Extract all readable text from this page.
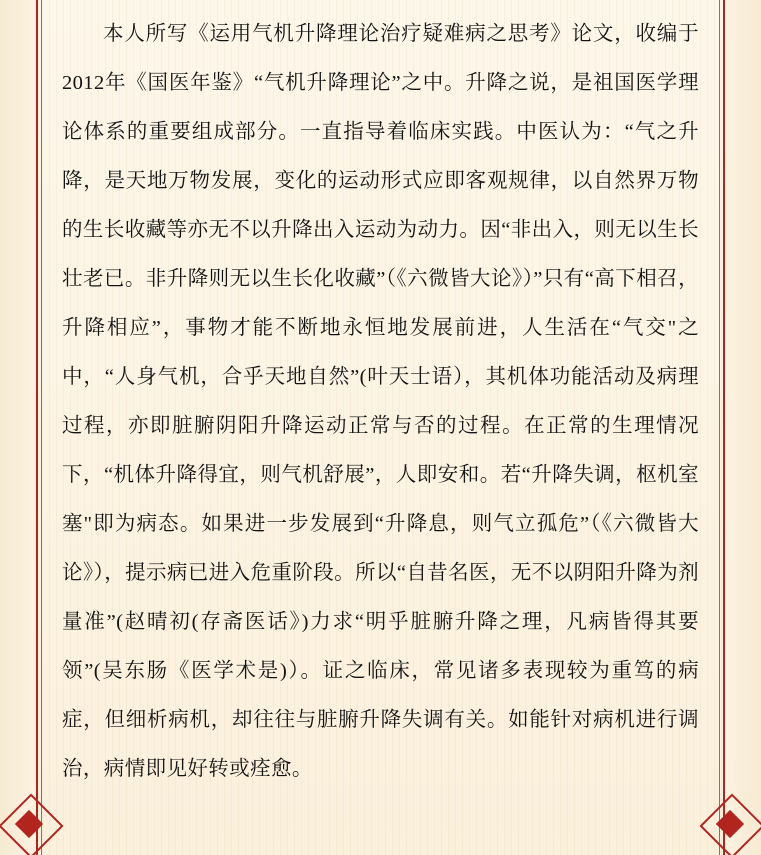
本人所写《运用气机升降理论治疗疑难病之思考》论文，收编于2012年《国医年鉴》“气机升降理论”之中。升降之说，是祖国医学理论体系的重要组成部分。一直指导着临床实践。中医认为：“气之升降，是天地万物发展，变化的运动形式应即客观规律，以自然界万物的生长收藏等亦无不以升降出入运动为动力。因“非出入，则无以生长壮老已。非升降则无以生长化收藏”（《六微皆大论》）”只有“高下相召，升降相应”，事物才能不断地永恒地发展前进，人生活在“气交"之中，“人身气机，合乎天地自然”(叶天士语），其机体功能活动及病理过程，亦即脏腑阴阳升降运动正常与否的过程。在正常的生理情况下，“机体升降得宜，则气机舒展”，人即安和。若“升降失调，枢机室塞"即为病态。如果进一步发展到“升降息，则气立孤危”（《六微皆大论》），提示病已进入危重阶段。所以“自昔名医，无不以阴阳升降为剂量准”(赵晴初(存斋医话》)力求“明乎脏腑升降之理，凡病皆得其要领”(吴东肠《医学术是)）。证之临床，常见诸多表现较为重笃的病症，但细析病机，却往往与脏腑升降失调有关。如能针对病机进行调治，病情即见好转或痊愈。
